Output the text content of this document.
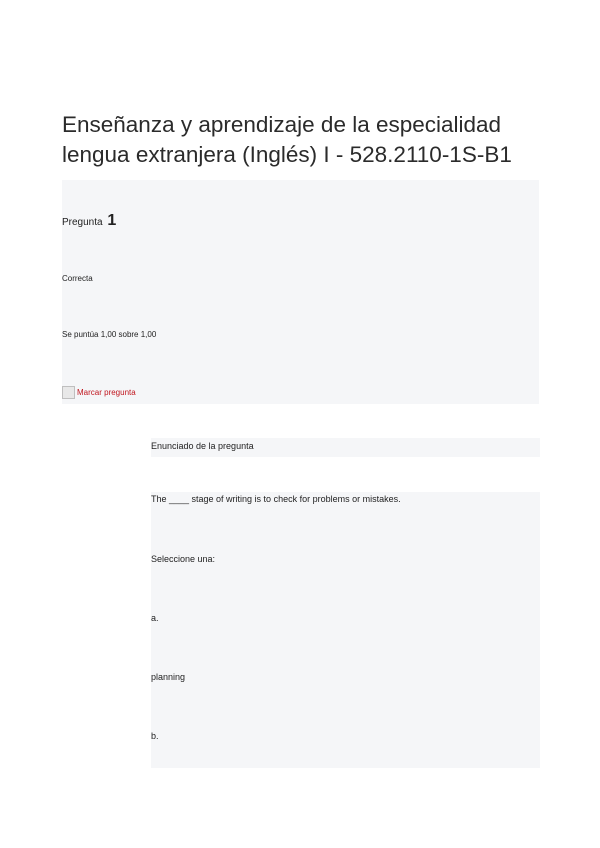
Enseñanza y aprendizaje de la especialidad lengua extranjera (Inglés) I - 528.2110-1S-B1
Pregunta 1
Correcta
Se puntúa 1,00 sobre 1,00
Marcar pregunta
Enunciado de la pregunta
The ____ stage of writing is to check for problems or mistakes.
Seleccione una:
a.
planning
b.
